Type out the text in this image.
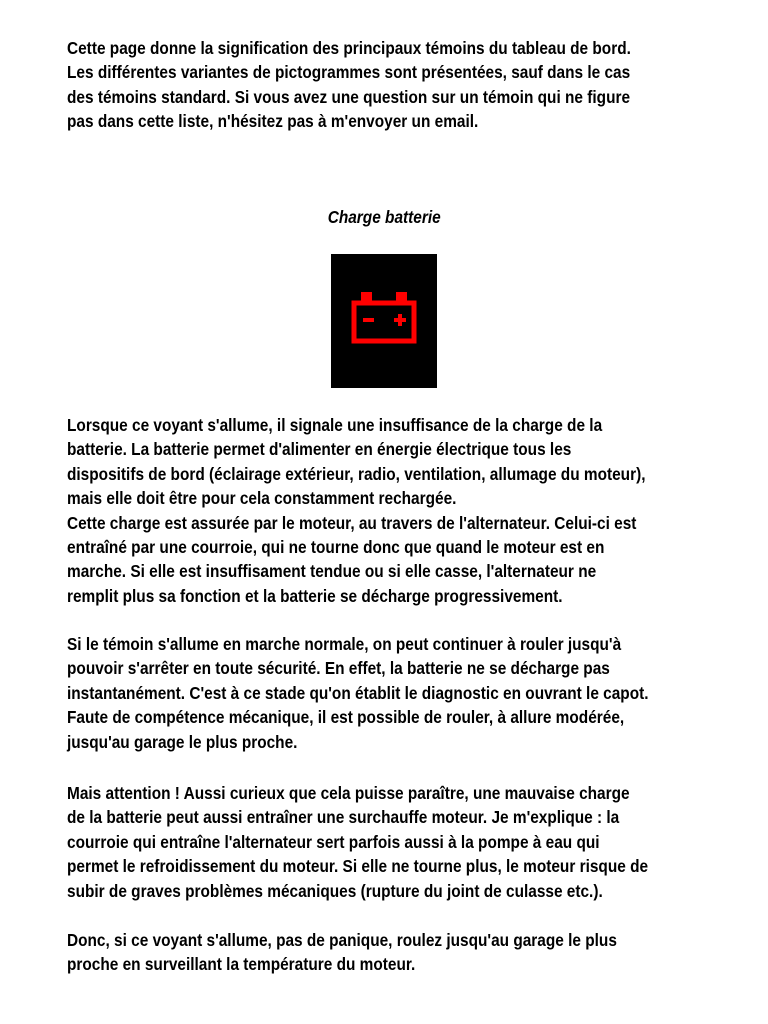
Cette page donne la signification des principaux témoins du tableau de bord.
Les différentes variantes de pictogrammes sont présentées, sauf dans le cas
des témoins standard. Si vous avez une question sur un témoin qui ne figure
pas dans cette liste, n'hésitez pas à m'envoyer un email.

Charge batterie

Lorsque ce voyant s'allume, il signale une insuffisance de la charge de la
batterie. La batterie permet d'alimenter en énergie électrique tous les
dispositifs de bord (éclairage extérieur, radio, ventilation, allumage du moteur),
mais elle doit être pour cela constamment rechargée.
Cette charge est assurée par le moteur, au travers de l'alternateur. Celui-ci est
entraîné par une courroie, qui ne tourne donc que quand le moteur est en
marche. Si elle est insuffisament tendue ou si elle casse, l'alternateur ne
remplit plus sa fonction et la batterie se décharge progressivement.

Si le témoin s'allume en marche normale, on peut continuer à rouler jusqu'à
pouvoir s'arrêter en toute sécurité. En effet, la batterie ne se décharge pas
instantanément. C'est à ce stade qu'on établit le diagnostic en ouvrant le capot.
Faute de compétence mécanique, il est possible de rouler, à allure modérée,
jusqu'au garage le plus proche.

Mais attention ! Aussi curieux que cela puisse paraître, une mauvaise charge
de la batterie peut aussi entraîner une surchauffe moteur. Je m'explique : la
courroie qui entraîne l'alternateur sert parfois aussi à la pompe à eau qui
permet le refroidissement du moteur. Si elle ne tourne plus, le moteur risque de
subir de graves problèmes mécaniques (rupture du joint de culasse etc.).

Donc, si ce voyant s'allume, pas de panique, roulez jusqu'au garage le plus
proche en surveillant la température du moteur.
